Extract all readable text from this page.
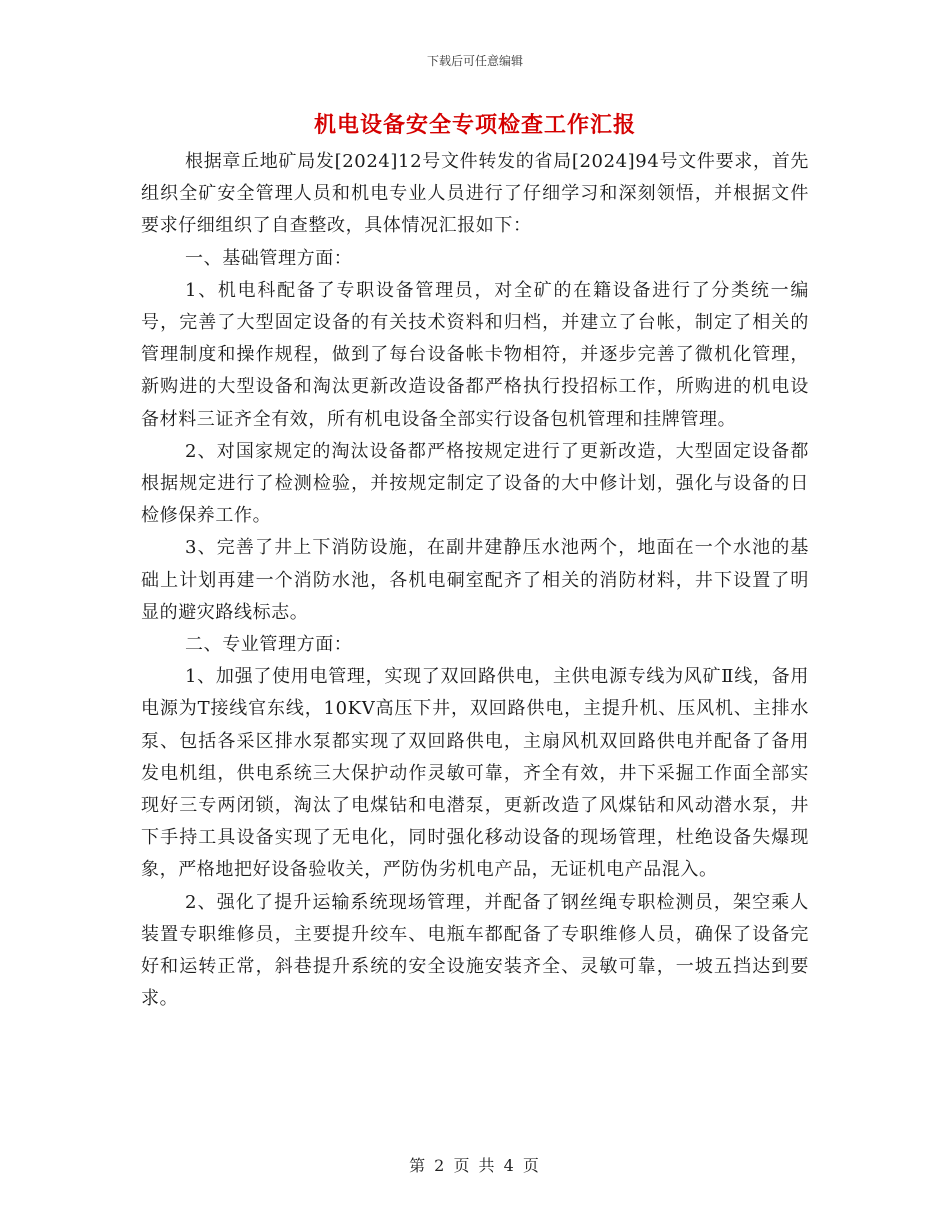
下载后可任意编辑
机电设备安全专项检查工作汇报

根据章丘地矿局发[2024]12号文件转发的省局[2024]94号文件要求，首先组织全矿安全管理人员和机电专业人员进行了仔细学习和深刻领悟，并根据文件要求仔细组织了自查整改，具体情况汇报如下：

一、基础管理方面：

1、机电科配备了专职设备管理员，对全矿的在籍设备进行了分类统一编号，完善了大型固定设备的有关技术资料和归档，并建立了台帐，制定了相关的管理制度和操作规程，做到了每台设备帐卡物相符，并逐步完善了微机化管理，新购进的大型设备和淘汰更新改造设备都严格执行投招标工作，所购进的机电设备材料三证齐全有效，所有机电设备全部实行设备包机管理和挂牌管理。

2、对国家规定的淘汰设备都严格按规定进行了更新改造，大型固定设备都根据规定进行了检测检验，并按规定制定了设备的大中修计划，强化与设备的日检修保养工作。

3、完善了井上下消防设施，在副井建静压水池两个，地面在一个水池的基础上计划再建一个消防水池，各机电硐室配齐了相关的消防材料，井下设置了明显的避灾路线标志。

二、专业管理方面：

1、加强了使用电管理，实现了双回路供电，主供电源专线为风矿Ⅱ线，备用电源为T接线官东线，10KV高压下井，双回路供电，主提升机、压风机、主排水泵、包括各采区排水泵都实现了双回路供电，主扇风机双回路供电并配备了备用发电机组，供电系统三大保护动作灵敏可靠，齐全有效，井下采掘工作面全部实现好三专两闭锁，淘汰了电煤钻和电潜泵，更新改造了风煤钻和风动潜水泵，井下手持工具设备实现了无电化，同时强化移动设备的现场管理，杜绝设备失爆现象，严格地把好设备验收关，严防伪劣机电产品，无证机电产品混入。

2、强化了提升运输系统现场管理，并配备了钢丝绳专职检测员，架空乘人装置专职维修员，主要提升绞车、电瓶车都配备了专职维修人员，确保了设备完好和运转正常，斜巷提升系统的安全设施安装齐全、灵敏可靠，一坡五挡达到要求。

第 2 页 共 4 页
